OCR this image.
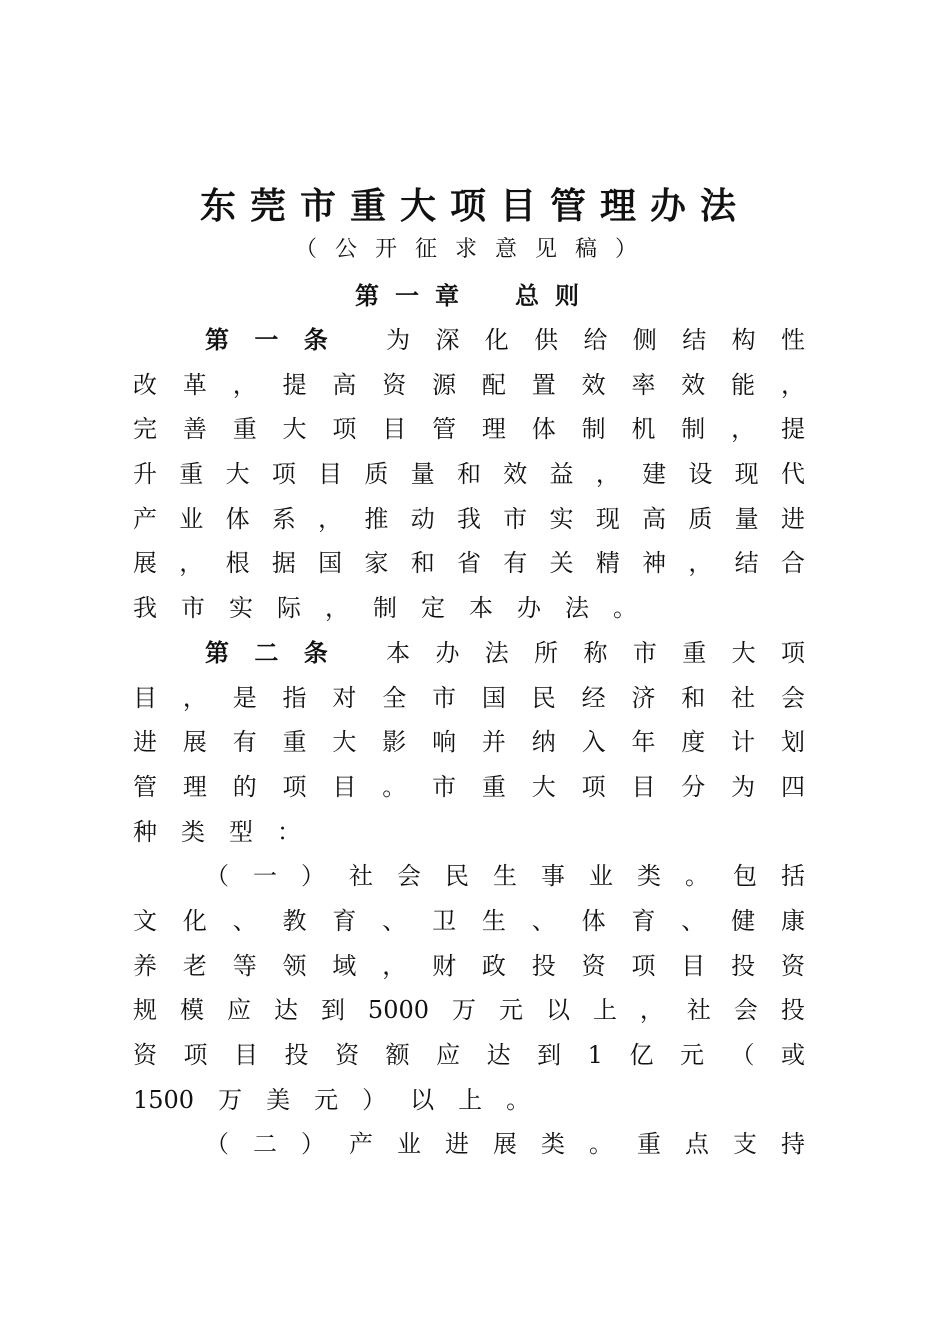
东莞市重大项目管理办法

（公开征求意见稿）

第一章 总则
第 一 条
为 深 化 供 给 侧 结 构 性
改 革 ， 提 高 资 源 配 置 效 率 效 能 ，
完 善 重 大 项 目 管 理 体 制 机 制 ， 提
升 重 大 项 目 质 量 和 效 益 ， 建 设 现 代
产 业 体 系 ， 推 动 我 市 实 现 高 质 量 进
展 ， 根 据 国 家 和 省 有 关 精 神 ， 结 合
我 市 实 际 ， 制 定 本 办 法 。
第 二 条
本 办 法 所 称 市 重 大 项
目 ， 是 指 对 全 市 国 民 经 济 和 社 会
进 展 有 重 大 影 响 并 纳 入 年 度 计 划
管 理 的 项 目 。 市 重 大 项 目 分 为 四
种 类 型 ：
（ 一 ） 社 会 民 生 事 业 类 。 包 括
文 化 、 教 育 、 卫 生 、 体 育 、 健 康
养 老 等 领 域 ， 财 政 投 资 项 目 投 资
规 模 应 达 到 5000 万 元 以 上 ， 社 会 投
资 项 目 投 资 额 应 达 到 1 亿 元 （ 或
1500 万 美 元 ） 以 上 。
（ 二 ） 产 业 进 展 类 。 重 点 支 持
